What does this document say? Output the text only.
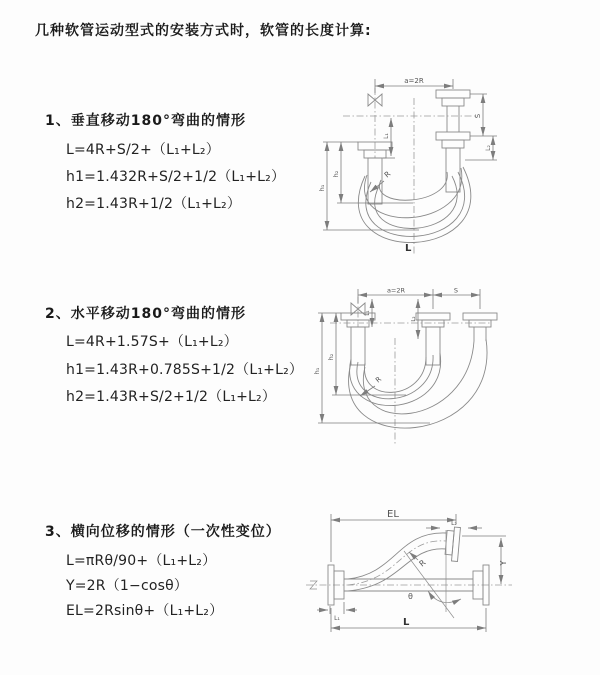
几种软管运动型式的安装方式时，软管的长度计算:
1、垂直移动180°弯曲的情形
L=4R+S/2+（L₁+L₂）
h1=1.432R+S/2+1/2（L₁+L₂）
h2=1.43R+1/2（L₁+L₂）
a=2R
h₁
h₂
L₁
S
L₂
R
L
2、水平移动180°弯曲的情形
L=4R+1.57S+（L₁+L₂）
h1=1.43R+0.785S+1/2（L₁+L₂）
h2=1.43R+S/2+1/2（L₁+L₂）
a=2R	S
h₁
h₂
L₁
L₂
R
3、横向位移的情形（一次性变位）
L=πRθ/90+（L₁+L₂）
Y=2R（1−cosθ）
EL=2Rsinθ+（L₁+L₂）
EL
L₂
Y
θ
R
L
L₁
